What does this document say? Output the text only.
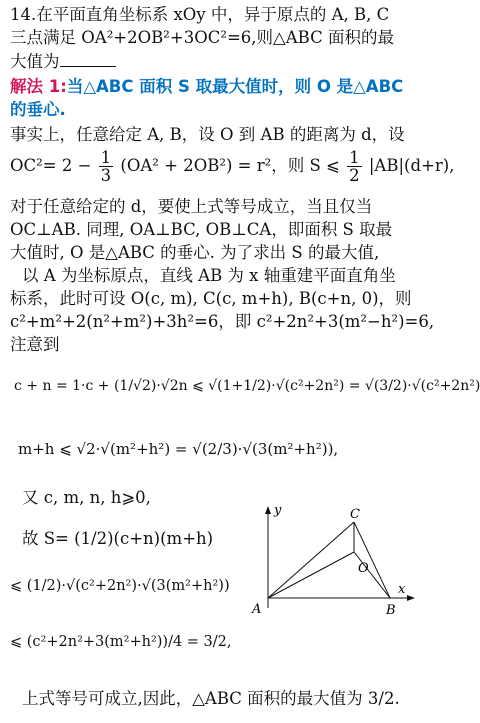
14.在平面直角坐标系 xOy 中，异于原点的 A, B, C
三点满足 OA²+2OB²+3OC²=6,则△ABC 面积的最
大值为
解法 1:当△ABC 面积 S 取最大值时，则 O 是△ABC
的垂心.
事实上，任意给定 A, B，设 O 到 AB 的距离为 d，设
$OC^2= 2 - \frac{1}{3} (OA^2 + 2OB^2) = r^2$，则 S ⩽ $\frac{1}{2} |AB|(d+r)$,
对于任意给定的 d，要使上式等号成立，当且仅当
OC⊥AB. 同理, OA⊥BC, OB⊥CA，即面积 S 取最
大值时, O 是△ABC 的垂心. 为了求出 S 的最大值,
以 A 为坐标原点，直线 AB 为 x 轴重建平面直角坐
标系，此时可设 O(c, m), C(c, m+h), B(c+n, 0)，则
c²+m²+2(n²+m²)+3h²=6，即 c²+2n²+3(m²−h²)=6,
注意到
c + n = 1·c + (1/√2)·√2n ⩽ √(1+1/2)·√(c²+2n²) = √(3/2)·√(c²+2n²)
m+h ⩽ √2·√(m²+h²) = √(2/3)·√(3(m²+h²)),
又 c, m, n, h⩾0,
故 S= (1/2)(c+n)(m+h)
⩽ (1/2)·√(c²+2n²)·√(3(m²+h²))
⩽ (c²+2n²+3(m²+h²))/4 = 3/2,
上式等号可成立,因此，△ABC 面积的最大值为 3/2.
y
x
A	B
C
O
